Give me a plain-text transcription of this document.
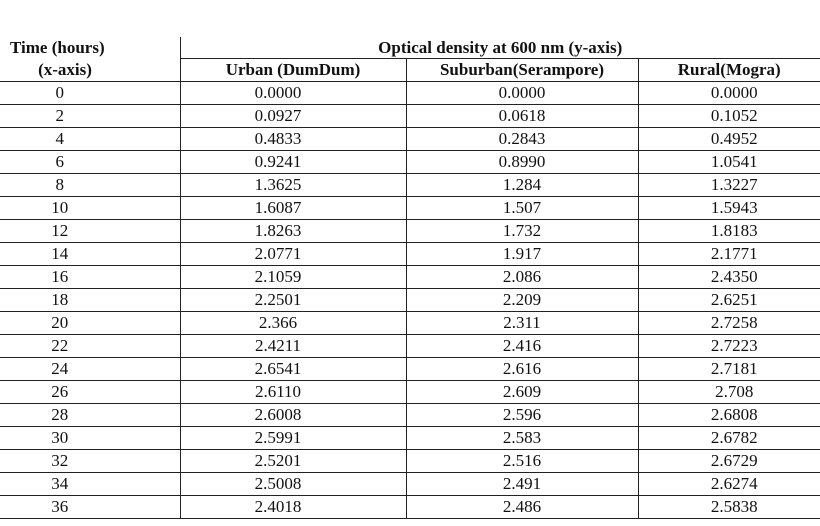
Time (hours)	Optical density at 600 nm (y-axis)		
(x-axis)	Urban (DumDum)	Suburban(Serampore)	Rural(Mogra)
0	0.0000	0.0000	0.0000
2	0.0927	0.0618	0.1052
4	0.4833	0.2843	0.4952
6	0.9241	0.8990	1.0541
8	1.3625	1.284	1.3227
10	1.6087	1.507	1.5943
12	1.8263	1.732	1.8183
14	2.0771	1.917	2.1771
16	2.1059	2.086	2.4350
18	2.2501	2.209	2.6251
20	2.366	2.311	2.7258
22	2.4211	2.416	2.7223
24	2.6541	2.616	2.7181
26	2.6110	2.609	2.708
28	2.6008	2.596	2.6808
30	2.5991	2.583	2.6782
32	2.5201	2.516	2.6729
34	2.5008	2.491	2.6274
36	2.4018	2.486	2.5838
